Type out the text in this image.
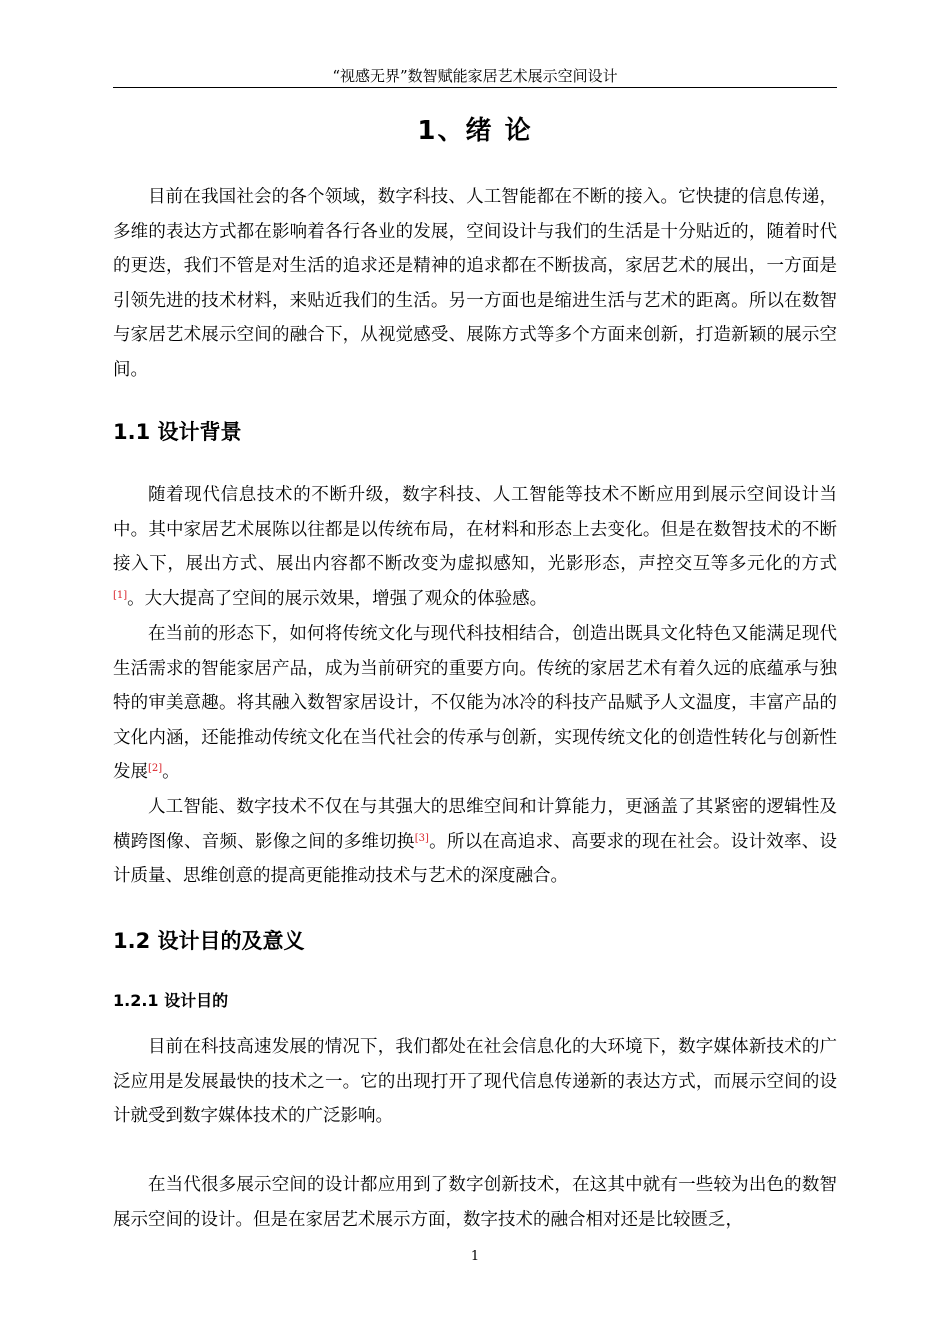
“视感无界”数智赋能家居艺术展示空间设计
1、绪 论

目前在我国社会的各个领域，数字科技、人工智能都在不断的接入。它快捷的信息传递，多维的表达方式都在影响着各行各业的发展，空间设计与我们的生活是十分贴近的，随着时代的更迭，我们不管是对生活的追求还是精神的追求都在不断拔高，家居艺术的展出，一方面是引领先进的技术材料，来贴近我们的生活。另一方面也是缩进生活与艺术的距离。所以在数智与家居艺术展示空间的融合下，从视觉感受、展陈方式等多个方面来创新，打造新颖的展示空间。

1.1 设计背景

随着现代信息技术的不断升级，数字科技、人工智能等技术不断应用到展示空间设计当中。其中家居艺术展陈以往都是以传统布局，在材料和形态上去变化。但是在数智技术的不断接入下，展出方式、展出内容都不断改变为虚拟感知，光影形态，声控交互等多元化的方式[1]。大大提高了空间的展示效果，增强了观众的体验感。

在当前的形态下，如何将传统文化与现代科技相结合，创造出既具文化特色又能满足现代生活需求的智能家居产品，成为当前研究的重要方向。传统的家居艺术有着久远的底蕴承与独特的审美意趣。将其融入数智家居设计，不仅能为冰冷的科技产品赋予人文温度，丰富产品的文化内涵，还能推动传统文化在当代社会的传承与创新，实现传统文化的创造性转化与创新性发展[2]。

人工智能、数字技术不仅在与其强大的思维空间和计算能力，更涵盖了其紧密的逻辑性及横跨图像、音频、影像之间的多维切换[3]。所以在高追求、高要求的现在社会。设计效率、设计质量、思维创意的提高更能推动技术与艺术的深度融合。

1.2 设计目的及意义
1.2.1 设计目的

目前在科技高速发展的情况下，我们都处在社会信息化的大环境下，数字媒体新技术的广泛应用是发展最快的技术之一。它的出现打开了现代信息传递新的表达方式，而展示空间的设计就受到数字媒体技术的广泛影响。

在当代很多展示空间的设计都应用到了数字创新技术，在这其中就有一些较为出色的数智展示空间的设计。但是在家居艺术展示方面，数字技术的融合相对还是比较匮乏，

1
